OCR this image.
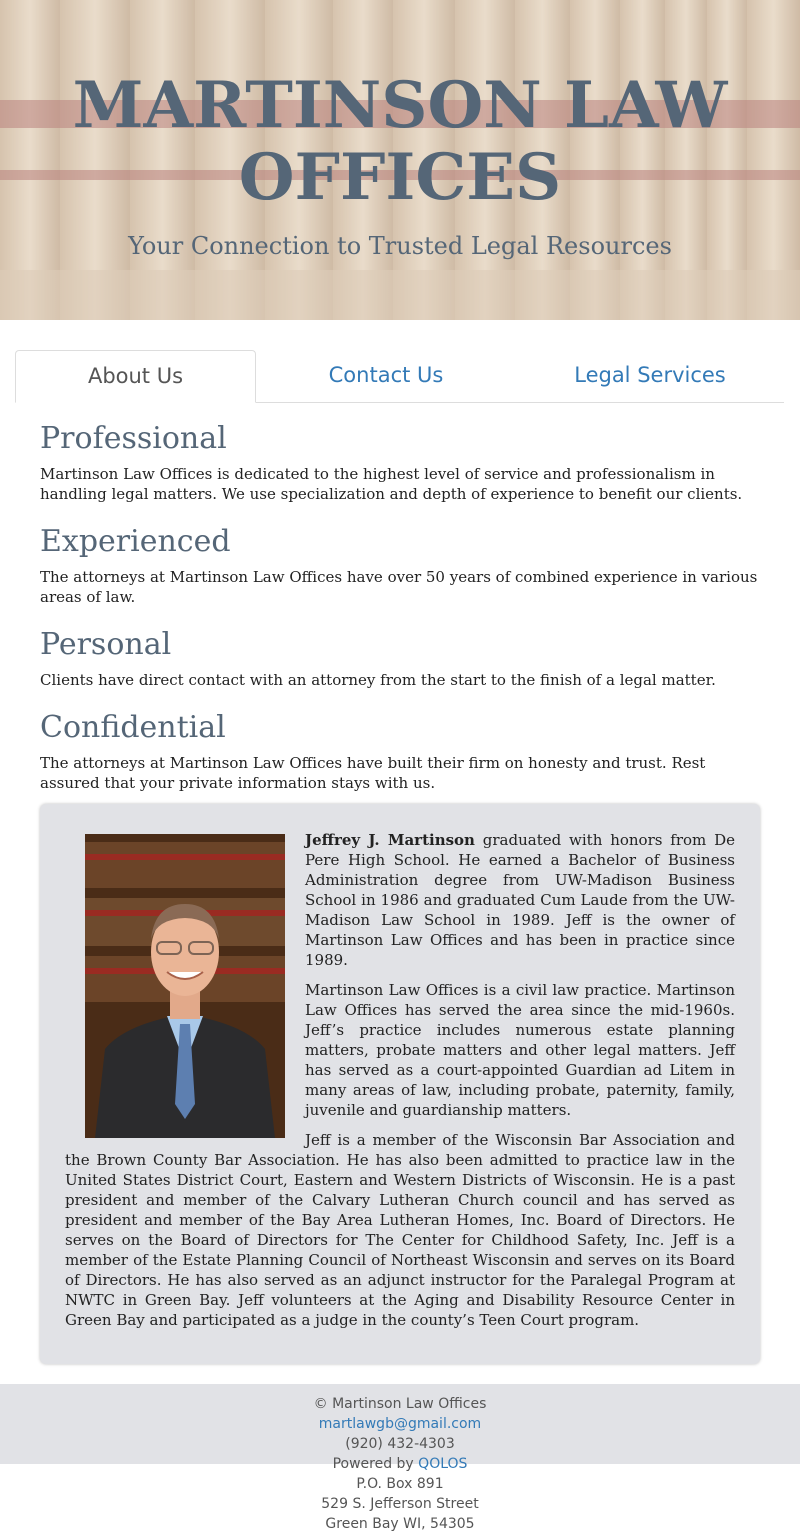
MARTINSON LAW
OFFICES
Your Connection to Trusted Legal Resources
About Us	Contact Us	Legal Services
Professional

Martinson Law Offices is dedicated to the highest level of service and professionalism in handling legal matters. We use specialization and depth of experience to benefit our clients.

Experienced

The attorneys at Martinson Law Offices have over 50 years of combined experience in various areas of law.

Personal

Clients have direct contact with an attorney from the start to the finish of a legal matter.

Confidential

The attorneys at Martinson Law Offices have built their firm on honesty and trust. Rest assured that your private information stays with us.

Jeffrey J. Martinson graduated with honors from De Pere High School. He earned a Bachelor of Business Administration degree from UW-Madison Business School in 1986 and graduated Cum Laude from the UW-Madison Law School in 1989. Jeff is the owner of Martinson Law Offices and has been in practice since 1989.

Martinson Law Offices is a civil law practice. Martinson Law Offices has served the area since the mid-1960s. Jeff’s practice includes numerous estate planning matters, probate matters and other legal matters. Jeff has served as a court-appointed Guardian ad Litem in many areas of law, including probate, paternity, family, juvenile and guardianship matters.

Jeff is a member of the Wisconsin Bar Association and the Brown County Bar Association. He has also been admitted to practice law in the United States District Court, Eastern and Western Districts of Wisconsin. He is a past president and member of the Calvary Lutheran Church council and has served as president and member of the Bay Area Lutheran Homes, Inc. Board of Directors. He serves on the Board of Directors for The Center for Childhood Safety, Inc. Jeff is a member of the Estate Planning Council of Northeast Wisconsin and serves on its Board of Directors. He has also served as an adjunct instructor for the Paralegal Program at NWTC in Green Bay. Jeff volunteers at the Aging and Disability Resource Center in Green Bay and participated as a judge in the county’s Teen Court program.

© Martinson Law Offices
martlawgb@gmail.com
(920) 432-4303
Powered by QOLOS
P.O. Box 891
529 S. Jefferson Street
Green Bay WI, 54305
